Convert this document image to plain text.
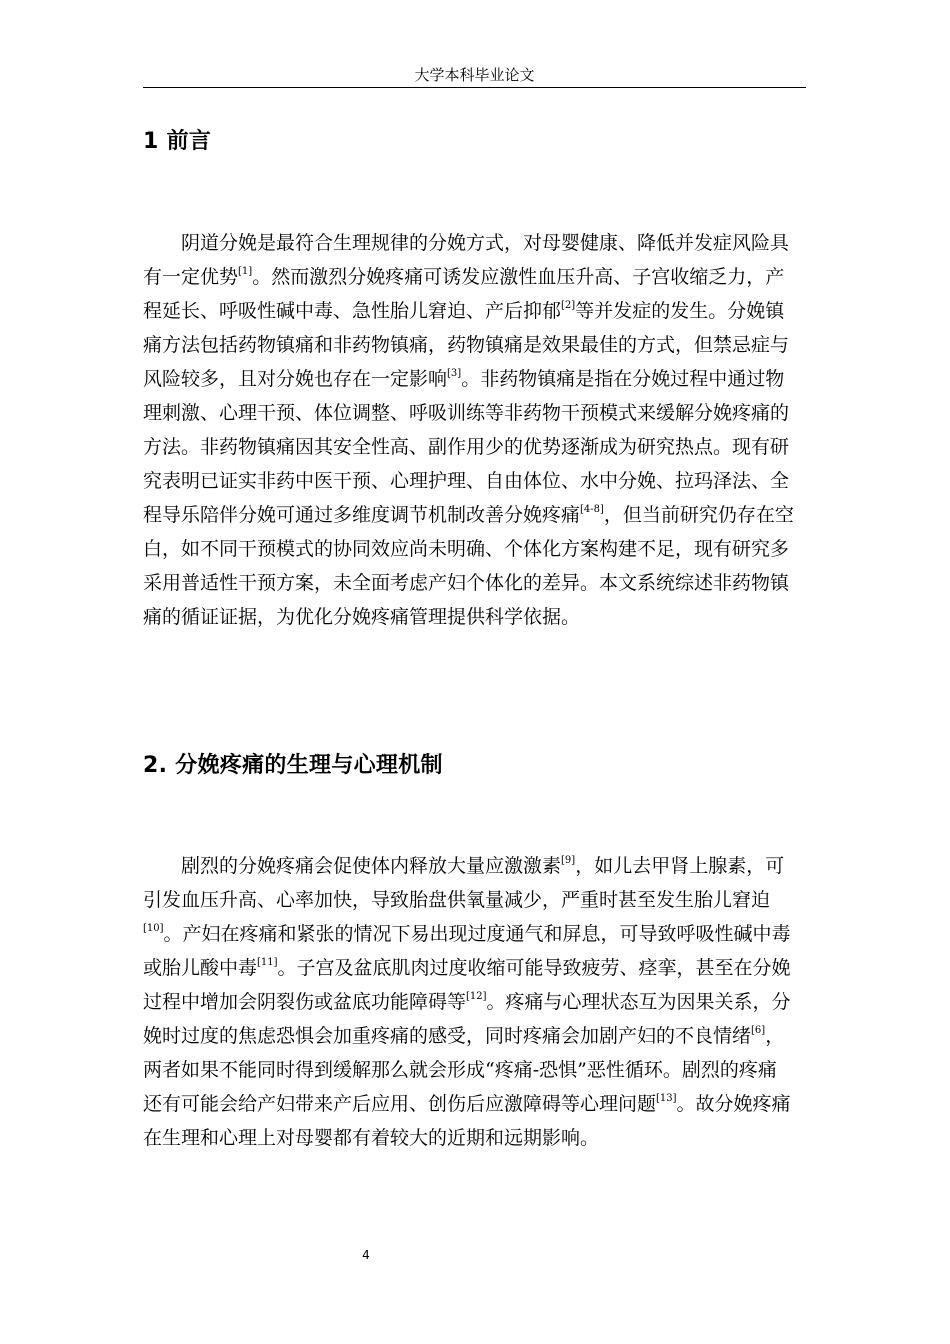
大学本科毕业论文
1 前言
阴道分娩是最符合生理规律的分娩方式，对母婴健康、降低并发症风险具
有一定优势[1]。然而激烈分娩疼痛可诱发应激性血压升高、子宫收缩乏力，产
程延长、呼吸性碱中毒、急性胎儿窘迫、产后抑郁[2]等并发症的发生。分娩镇
痛方法包括药物镇痛和非药物镇痛，药物镇痛是效果最佳的方式，但禁忌症与
风险较多，且对分娩也存在一定影响[3]。非药物镇痛是指在分娩过程中通过物
理刺激、心理干预、体位调整、呼吸训练等非药物干预模式来缓解分娩疼痛的
方法。非药物镇痛因其安全性高、副作用少的优势逐渐成为研究热点。现有研
究表明已证实非药中医干预、心理护理、自由体位、水中分娩、拉玛泽法、全
程导乐陪伴分娩可通过多维度调节机制改善分娩疼痛[4-8]，但当前研究仍存在空
白，如不同干预模式的协同效应尚未明确、个体化方案构建不足，现有研究多
采用普适性干预方案，未全面考虑产妇个体化的差异。本文系统综述非药物镇
痛的循证证据，为优化分娩疼痛管理提供科学依据。
2. 分娩疼痛的生理与心理机制
剧烈的分娩疼痛会促使体内释放大量应激激素[9]，如儿去甲肾上腺素，可
引发血压升高、心率加快，导致胎盘供氧量减少，严重时甚至发生胎儿窘迫
[10]。产妇在疼痛和紧张的情况下易出现过度通气和屏息，可导致呼吸性碱中毒
或胎儿酸中毒[11]。子宫及盆底肌肉过度收缩可能导致疲劳、痉挛，甚至在分娩
过程中增加会阴裂伤或盆底功能障碍等[12]。疼痛与心理状态互为因果关系，分
娩时过度的焦虑恐惧会加重疼痛的感受，同时疼痛会加剧产妇的不良情绪[6]，
两者如果不能同时得到缓解那么就会形成“疼痛-恐惧”恶性循环。剧烈的疼痛
还有可能会给产妇带来产后应用、创伤后应激障碍等心理问题[13]。故分娩疼痛
在生理和心理上对母婴都有着较大的近期和远期影响。
4
